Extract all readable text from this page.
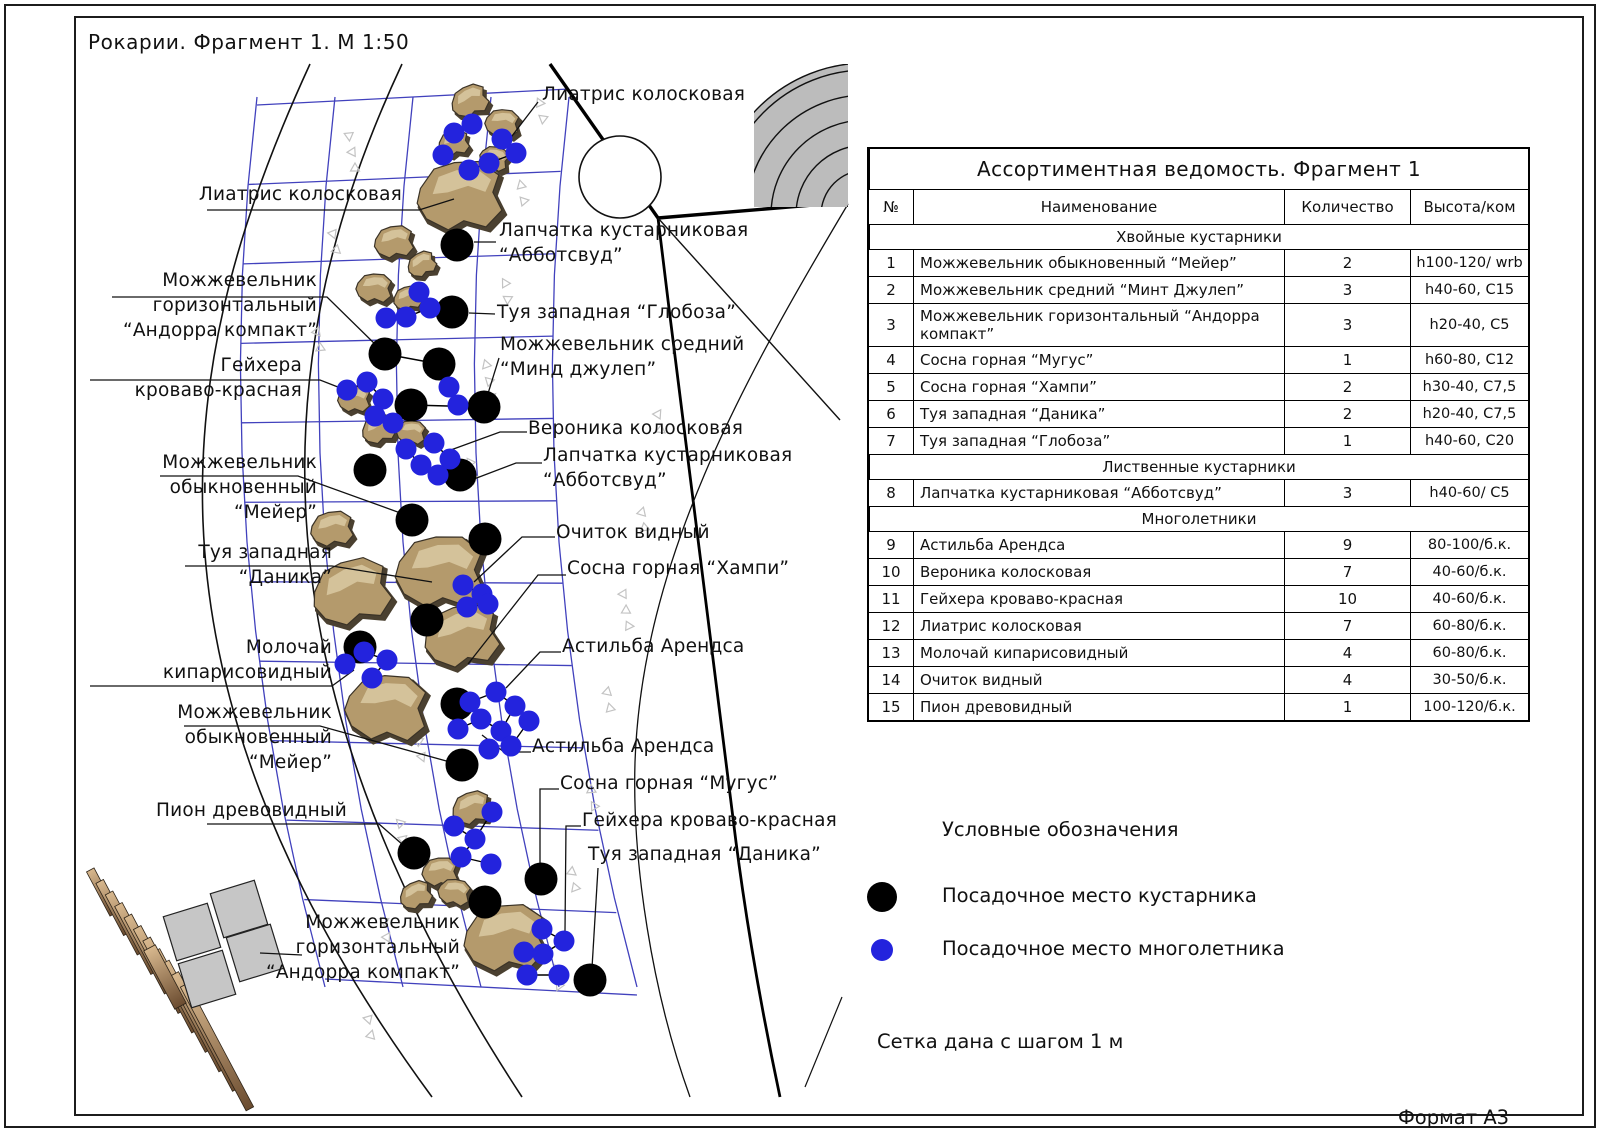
Рокарии. Фрагмент 1. М 1:50
Лиатрис колосковая
Можжевельник
горизонтальный
“Андорра компакт”
Гейхера
кроваво-красная
Можжевельник
обыкновенный
“Мейер”
Туя западная
“Даника”
Молочай
кипарисовидный
Можжевельник
обыкновенный
“Мейер”
Пион древовидный
Можжевельник
горизонтальный
“Андорра компакт”
Лиатрис колосковая
Лапчатка кустарниковая
“Абботсвуд”
Туя западная “Глобоза”
Можжевельник средний
“Минд джулеп”
Вероника колосковая
Лапчатка кустарниковая
“Абботсвуд”
Очиток видный
Сосна горная “Хампи”
Астильба Арендса
Астильба Арендса
Сосна горная “Мугус”
Гейхера кроваво-красная
Туя западная “Даника”
Ассортиментная ведомость. Фрагмент 1
№	Наименование	Количество	Высота/ком
Хвойные кустарники
1	Можжевельник обыкновенный “Мейер”	2	h100-120/ wrb
2	Можжевельник средний “Минт Джулеп”	3	h40-60, C15
3	Можжевельник горизонтальный “Андорра компакт”	3	h20-40, C5
4	Сосна горная “Мугус”	1	h60-80, C12
5	Сосна горная “Хампи”	2	h30-40, C7,5
6	Туя западная “Даника”	2	h20-40, C7,5
7	Туя западная “Глобоза”	1	h40-60, C20
Лиственные кустарники
8	Лапчатка кустарниковая “Абботсвуд”	3	h40-60/ C5
Многолетники
9	Астильба Арендса	9	80-100/б.к.
10	Вероника колосковая	7	40-60/б.к.
11	Гейхера кроваво-красная	10	40-60/б.к.
12	Лиатрис колосковая	7	60-80/б.к.
13	Молочай кипарисовидный	4	60-80/б.к.
14	Очиток видный	4	30-50/б.к.
15	Пион древовидный	1	100-120/б.к.
Условные обозначения
Посадочное место кустарника
Посадочное место многолетника
Сетка дана с шагом 1 м
Формат А3
